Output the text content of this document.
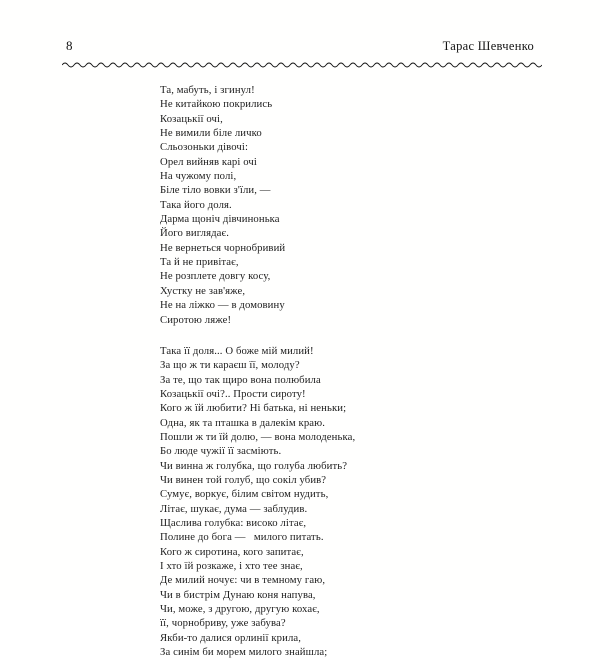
8	Тарас Шевченко
Та, мабуть, і згинул!
Не китайкою покрились
Козацькії очі,
Не вимили біле личко
Сльозоньки дівочі:
Орел вийняв карі очі
На чужому полі,
Біле тіло вовки з'їли, —
Така його доля.
Дарма щоніч дівчинонька
Його виглядає.
Не вернеться чорнобривий
Та й не привітає,
Не розплете довгу косу,
Хустку не зав'яже,
Не на ліжко — в домовину
Сиротою ляже!
Така її доля... О боже мій милий!
За що ж ти караєш її, молоду?
За те, що так щиро вона полюбила
Козацькії очі?.. Прости сироту!
Кого ж їй любити? Ні батька, ні неньки;
Одна, як та пташка в далекім краю.
Пошли ж ти їй долю, — вона молоденька,
Бо люде чужії її засміють.
Чи винна ж голубка, що голуба любить?
Чи винен той голуб, що сокіл убив?
Сумує, воркує, білим світом нудить,
Літає, шукає, дума — заблудив.
Щаслива голубка: високо літає,
Полине до бога —   милого питать.
Кого ж сиротина, кого запитає,
І хто їй розкаже, і хто тее знає,
Де милий ночує: чи в темному гаю,
Чи в бистрім Дунаю коня напува,
Чи, може, з другою, другую кохає,
її, чорнобриву, уже забува?
Якби-то далися орлинії крила,
За синім би морем милого знайшла;
